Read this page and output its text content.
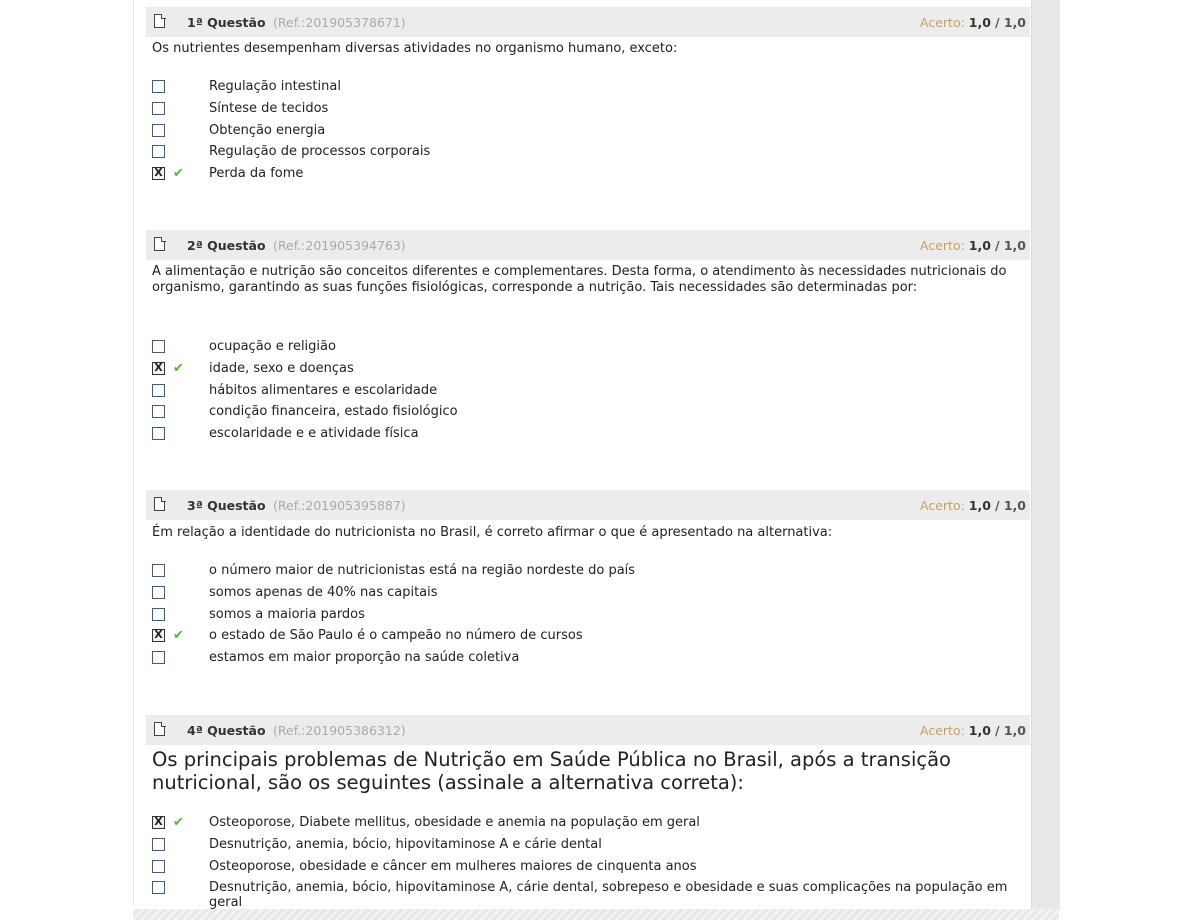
1ª Questão (Ref.:201905378671)	Acerto: 1,0 / 1,0
Os nutrientes desempenham diversas atividades no organismo humano, exceto:
Regulação intestinal
Síntese de tecidos
Obtenção energia
Regulação de processos corporais
X ✔ Perda da fome
2ª Questão (Ref.:201905394763)	Acerto: 1,0 / 1,0
A alimentação e nutrição são conceitos diferentes e complementares. Desta forma, o atendimento às necessidades nutricionais do organismo, garantindo as suas funções fisiológicas, corresponde a nutrição. Tais necessidades são determinadas por:
ocupação e religião
X ✔ idade, sexo e doenças
hábitos alimentares e escolaridade
condição financeira, estado fisiológico
escolaridade e e atividade física
3ª Questão (Ref.:201905395887)	Acerto: 1,0 / 1,0
Ém relação a identidade do nutricionista no Brasil, é correto afirmar o que é apresentado na alternativa:
o número maior de nutricionistas está na região nordeste do país
somos apenas de 40% nas capitais
somos a maioria pardos
X ✔ o estado de São Paulo é o campeão no número de cursos
estamos em maior proporção na saúde coletiva
4ª Questão (Ref.:201905386312)	Acerto: 1,0 / 1,0
Os principais problemas de Nutrição em Saúde Pública no Brasil, após a transição nutricional, são os seguintes (assinale a alternativa correta):
X ✔ Osteoporose, Diabete mellitus, obesidade e anemia na população em geral
Desnutrição, anemia, bócio, hipovitaminose A e cárie dental
Osteoporose, obesidade e câncer em mulheres maiores de cinquenta anos
Desnutrição, anemia, bócio, hipovitaminose A, cárie dental, sobrepeso e obesidade e suas complicações na população em geral
